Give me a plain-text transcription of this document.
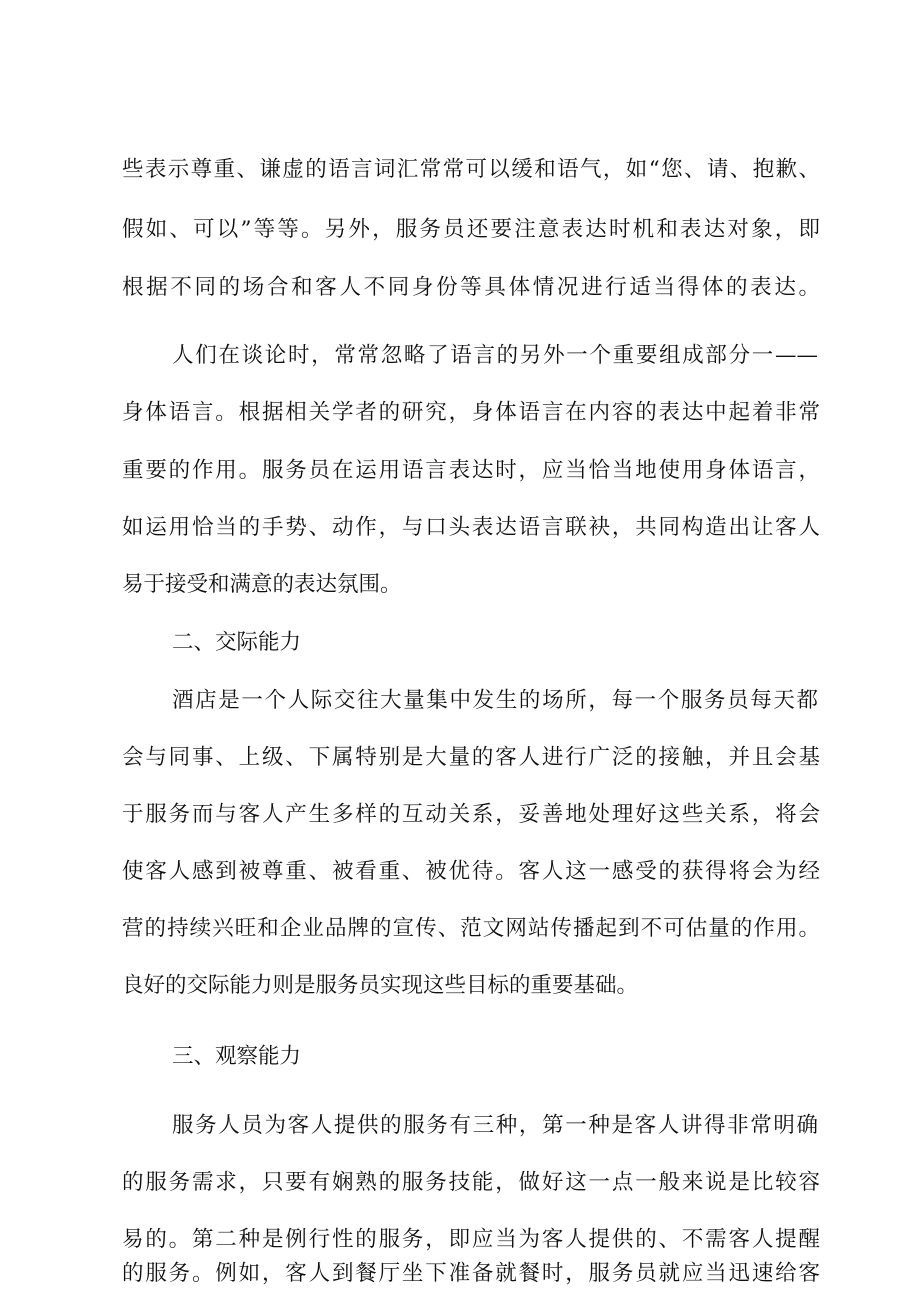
些表示尊重、谦虚的语言词汇常常可以缓和语气，如“您、请、抱歉、
假如、可以”等等。另外，服务员还要注意表达时机和表达对象，即
根据不同的场合和客人不同身份等具体情况进行适当得体的表达。
人们在谈论时，常常忽略了语言的另外一个重要组成部分一——
身体语言。根据相关学者的研究，身体语言在内容的表达中起着非常
重要的作用。服务员在运用语言表达时，应当恰当地使用身体语言，
如运用恰当的手势、动作，与口头表达语言联袂，共同构造出让客人
易于接受和满意的表达氛围。
二、交际能力
酒店是一个人际交往大量集中发生的场所，每一个服务员每天都
会与同事、上级、下属特别是大量的客人进行广泛的接触，并且会基
于服务而与客人产生多样的互动关系，妥善地处理好这些关系，将会
使客人感到被尊重、被看重、被优待。客人这一感受的获得将会为经
营的持续兴旺和企业品牌的宣传、范文网站传播起到不可估量的作用。
良好的交际能力则是服务员实现这些目标的重要基础。
三、观察能力
服务人员为客人提供的服务有三种，第一种是客人讲得非常明确
的服务需求，只要有娴熟的服务技能，做好这一点一般来说是比较容
易的。第二种是例行性的服务，即应当为客人提供的、不需客人提醒
的服务。例如，客人到餐厅坐下准备就餐时，服务员就应当迅速给客
